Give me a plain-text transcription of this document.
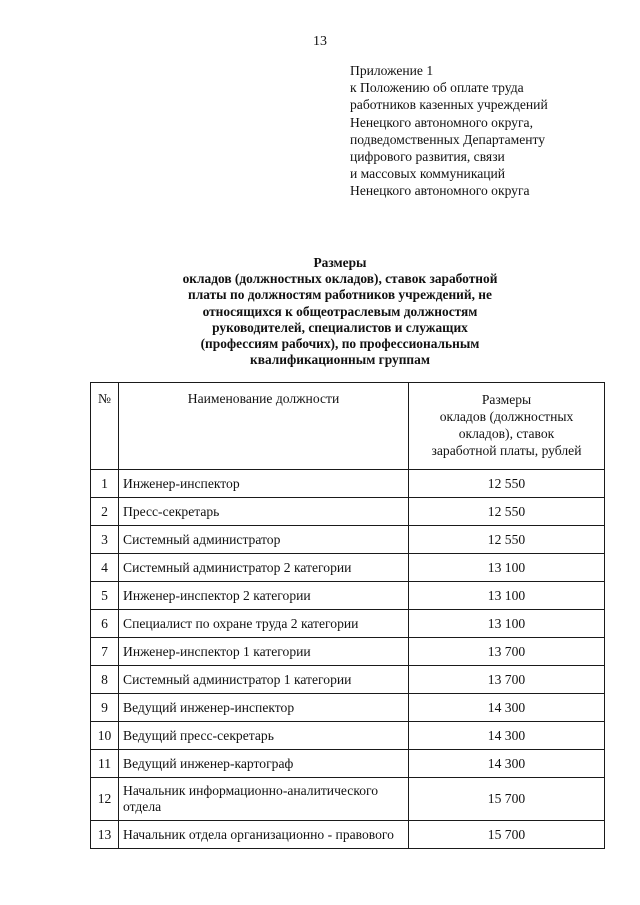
13
Приложение 1
к Положению об оплате труда
работников казенных учреждений
Ненецкого автономного округа,
подведомственных Департаменту
цифрового развития, связи
и массовых коммуникаций
Ненецкого автономного округа
Размеры
окладов (должностных окладов), ставок заработной
платы по должностям работников учреждений, не
относящихся к общеотраслевым должностям
руководителей, специалистов и служащих
(профессиям рабочих), по профессиональным
квалификационным группам
№	Наименование должности	Размеры
окладов (должностных
окладов), ставок
заработной платы, рублей

1	Инженер-инспектор	12 550
2	Пресс-секретарь	12 550
3	Системный администратор	12 550
4	Системный администратор 2 категории	13 100
5	Инженер-инспектор 2 категории	13 100
6	Специалист по охране труда 2 категории	13 100
7	Инженер-инспектор 1 категории	13 700
8	Системный администратор 1 категории	13 700
9	Ведущий инженер-инспектор	14 300
10	Ведущий пресс-секретарь	14 300
11	Ведущий инженер-картограф	14 300
12	Начальник информационно-аналитического отдела	15 700
13	Начальник отдела организационно - правового	15 700
